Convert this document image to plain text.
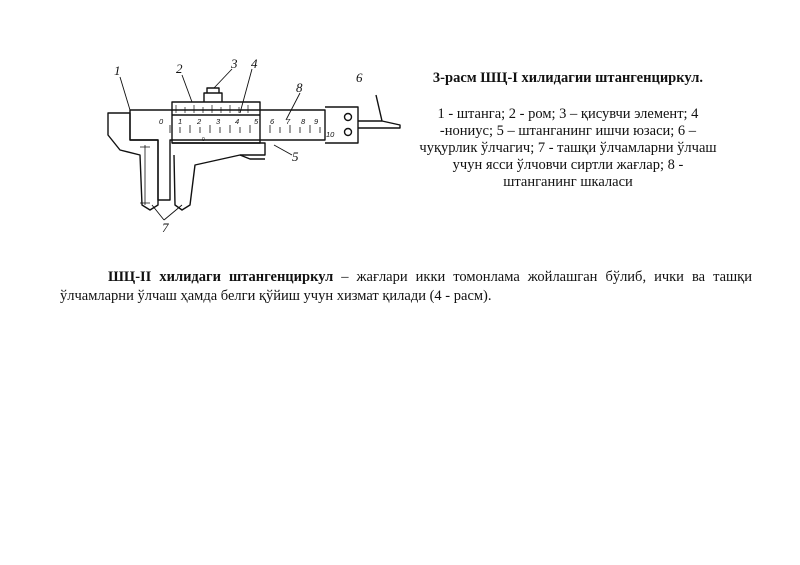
0 1 2 3 4 5 6 7 8 9
10
0
1	2	3 4
5
6
7
8

3-расм ШЦ-I хилидагии штангенциркул.

1 - штанга; 2 - ром; 3 – қисувчи элемент; 4 -нониус; 5 – штанганинг ишчи юзаси; 6 – чуқурлик ўлчагич; 7 - ташқи ўлчамларни ўлчаш учун ясси ўлчовчи сиртли жағлар; 8 - штанганинг шкаласи

ШЦ-II хилидаги штангенциркул – жағлари икки томонлама жойлашган бўлиб, ички ва ташқи ўлчамларни ўлчаш ҳамда белги қўйиш учун хизмат қилади (4 - расм).
